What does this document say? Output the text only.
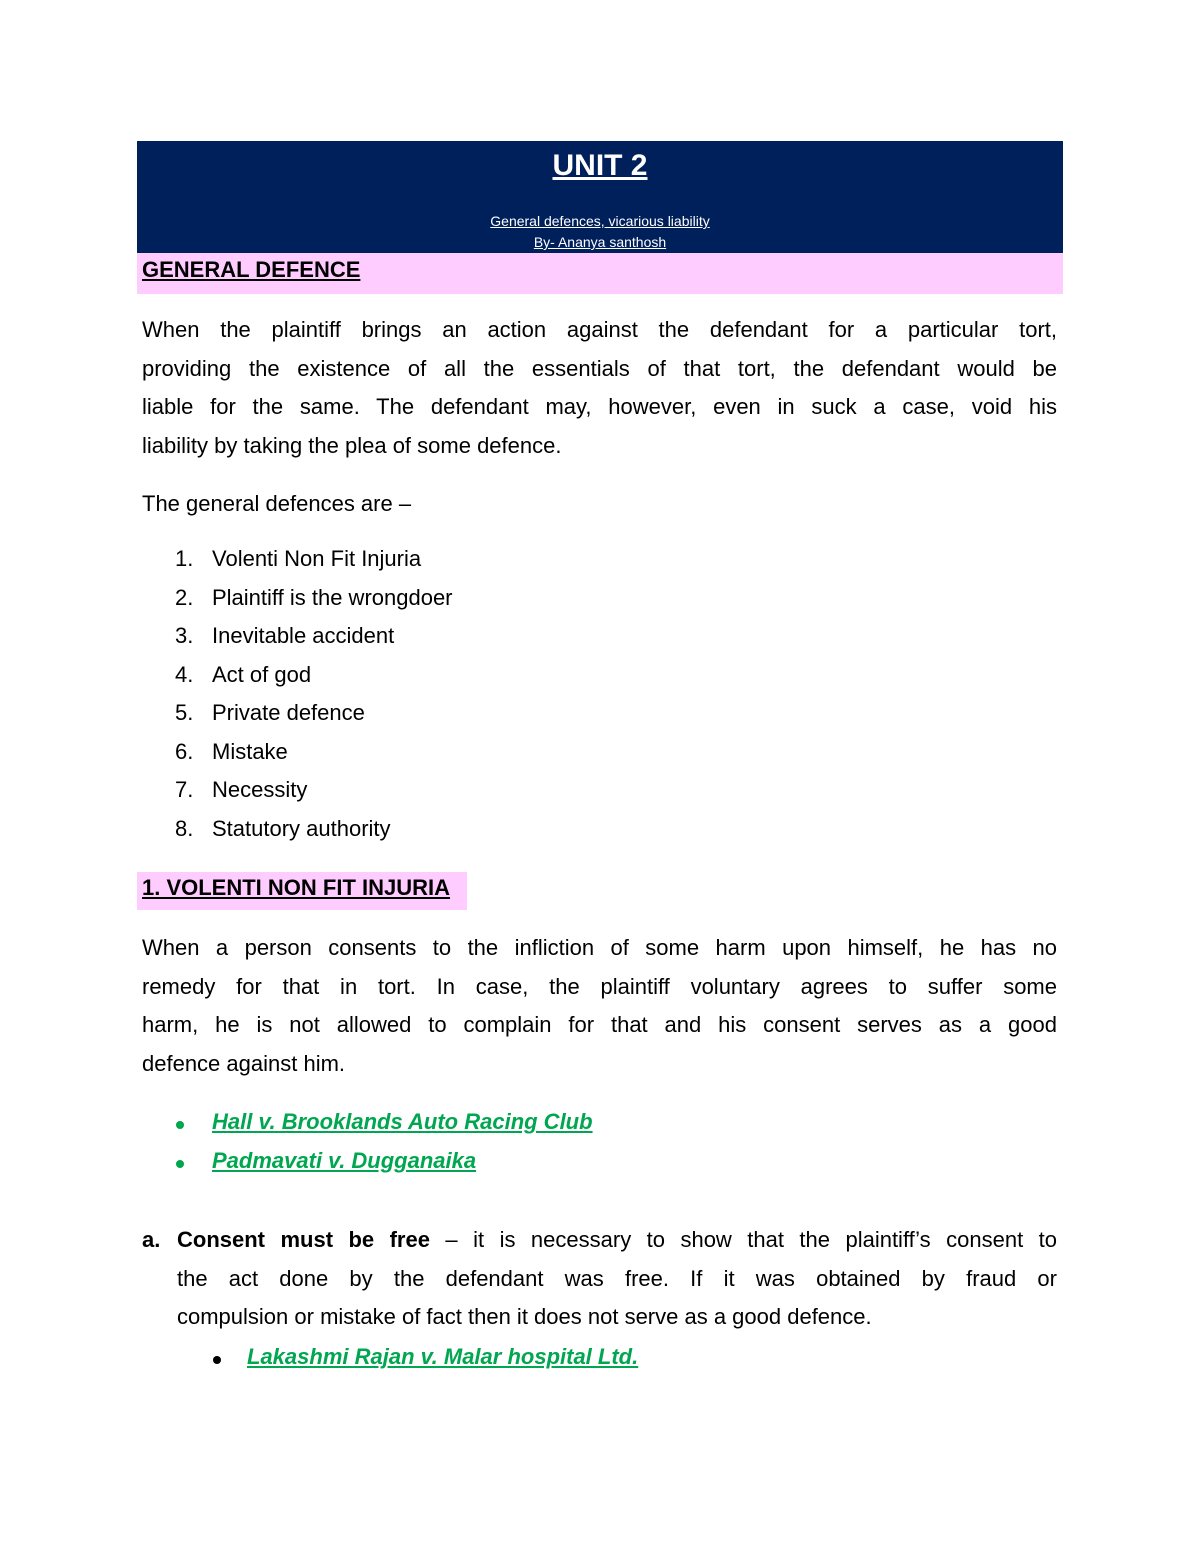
UNIT 2
General defences, vicarious liability
By- Ananya santhosh
GENERAL DEFENCE

When the plaintiff brings an action against the defendant for a particular tort,
providing the existence of all the essentials of that tort, the defendant would be
liable for the same. The defendant may, however, even in suck a case, void his
liability by taking the plea of some defence.

The general defences are –

1. Volenti Non Fit Injuria
2. Plaintiff is the wrongdoer
3. Inevitable accident
4. Act of god
5. Private defence
6. Mistake
7. Necessity
8. Statutory authority
1. VOLENTI NON FIT INJURIA

When a person consents to the infliction of some harm upon himself, he has no
remedy for that in tort. In case, the plaintiff voluntary agrees to suffer some
harm, he is not allowed to complain for that and his consent serves as a good
defence against him.

Hall v. Brooklands Auto Racing Club
Padmavati v. Dugganaika
a. Consent must be free – it is necessary to show that the plaintiff’s consent to
the act done by the defendant was free. If it was obtained by fraud or
compulsion or mistake of fact then it does not serve as a good defence.
Lakashmi Rajan v. Malar hospital Ltd.
